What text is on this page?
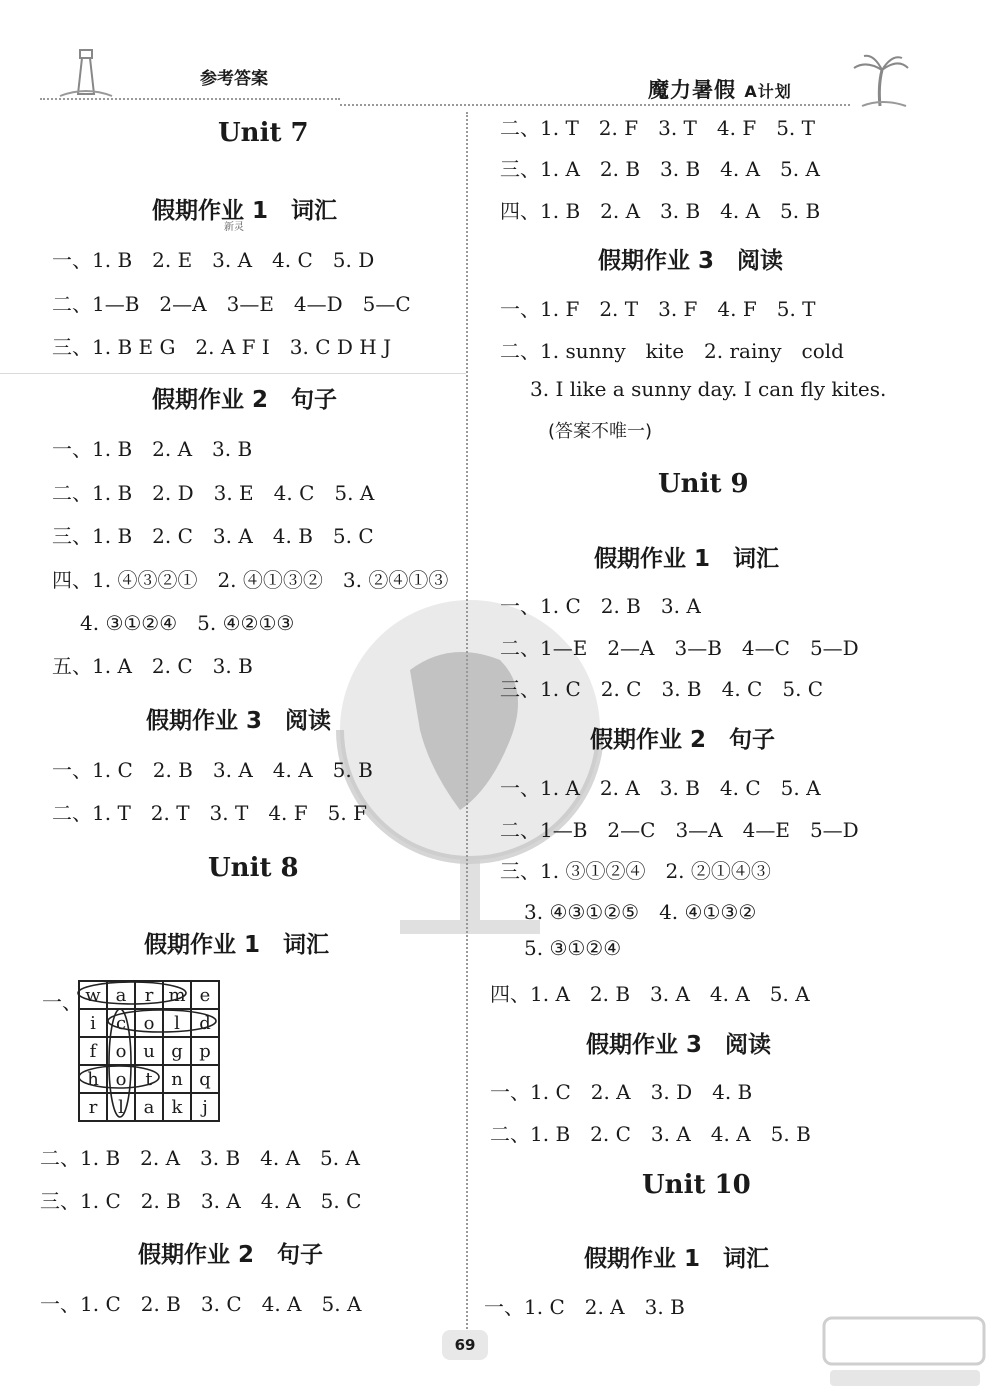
参考答案	魔力暑假 A计划
新灵
Unit 7
假期作业 1　词汇
一、1. B　2. E　3. A　4. C　5. D
二、1—B　2—A　3—E　4—D　5—C
三、1. B E G　2. A F I　3. C D H J
假期作业 2　句子
一、1. B　2. A　3. B
二、1. B　2. D　3. E　4. C　5. A
三、1. B　2. C　3. A　4. B　5. C
四、1. ④③②①　2. ④①③②　3. ②④①③
4. ③①②④　5. ④②①③
五、1. A　2. C　3. B
假期作业 3　阅读
一、1. C　2. B　3. A　4. A　5. B
二、1. T　2. T　3. T　4. F　5. F
Unit 8
假期作业 1　词汇
一、 w	a	r	m	e
i	c	o	l	d
f	o	u	g	p
h	o	t	n	q
r	l	a	k	j
二、1. B　2. A　3. B　4. A　5. A
三、1. C　2. B　3. A　4. A　5. C
假期作业 2　句子
一、1. C　2. B　3. C　4. A　5. A
二、1. T　2. F　3. T　4. F　5. T
三、1. A　2. B　3. B　4. A　5. A
四、1. B　2. A　3. B　4. A　5. B
假期作业 3　阅读
一、1. F　2. T　3. F　4. F　5. T
二、1. sunny　kite　2. rainy　cold
3. I like a sunny day. I can fly kites.
(答案不唯一)
Unit 9
假期作业 1　词汇
一、1. C　2. B　3. A
二、1—E　2—A　3—B　4—C　5—D
三、1. C　2. C　3. B　4. C　5. C
假期作业 2　句子
一、1. A　2. A　3. B　4. C　5. A
二、1—B　2—C　3—A　4—E　5—D
三、1. ③①②④　2. ②①④③
3. ④③①②⑤　4. ④①③②
5. ③①②④
四、1. A　2. B　3. A　4. A　5. A
假期作业 3　阅读
一、1. C　2. A　3. D　4. B
二、1. B　2. C　3. A　4. A　5. B
Unit 10
假期作业 1　词汇
一、1. C　2. A　3. B
69
